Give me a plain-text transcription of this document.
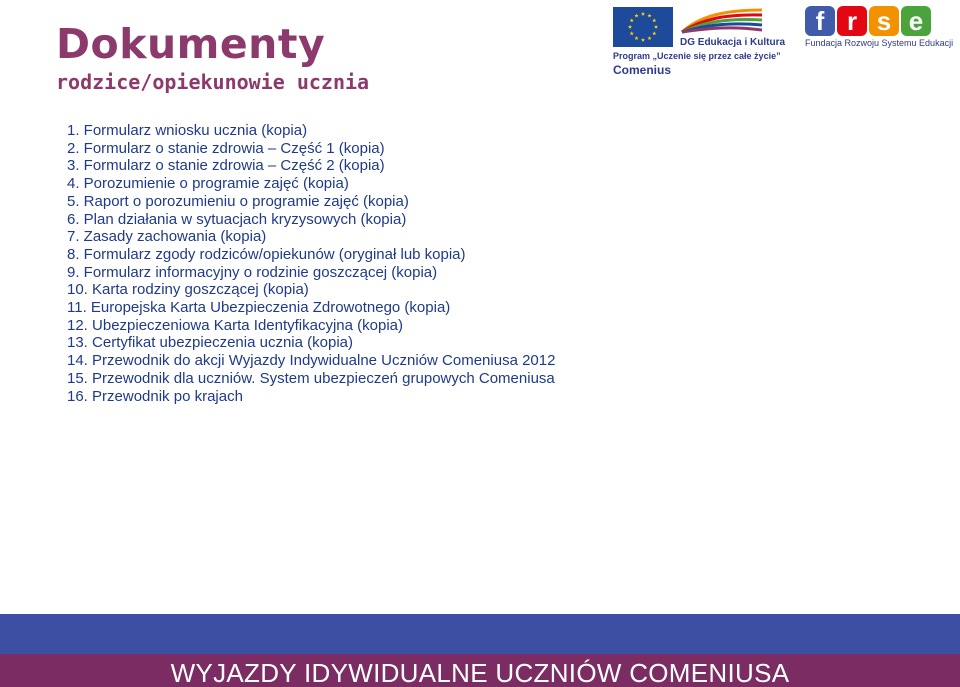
Dokumenty
rodzice/opiekunowie ucznia
DG Edukacja i Kultura
Program „Uczenie się przez całe życie”
Comenius
f r s e
Fundacja Rozwoju Systemu Edukacji
1. Formularz wniosku ucznia (kopia)
2. Formularz o stanie zdrowia – Część 1 (kopia)
3. Formularz o stanie zdrowia – Część 2 (kopia)
4. Porozumienie o programie zajęć (kopia)
5. Raport o porozumieniu o programie zajęć (kopia)
6. Plan działania w sytuacjach kryzysowych (kopia)
7. Zasady zachowania (kopia)
8. Formularz zgody rodziców/opiekunów (oryginał lub kopia)
9. Formularz informacyjny o rodzinie goszczącej (kopia)
10. Karta rodziny goszczącej (kopia)
11. Europejska Karta Ubezpieczenia Zdrowotnego (kopia)
12. Ubezpieczeniowa Karta Identyfikacyjna (kopia)
13. Certyfikat ubezpieczenia ucznia (kopia)
14. Przewodnik do akcji Wyjazdy Indywidualne Uczniów Comeniusa 2012
15. Przewodnik dla uczniów. System ubezpieczeń grupowych Comeniusa
16. Przewodnik po krajach
WYJAZDY IDYWIDUALNE UCZNIÓW COMENIUSA
